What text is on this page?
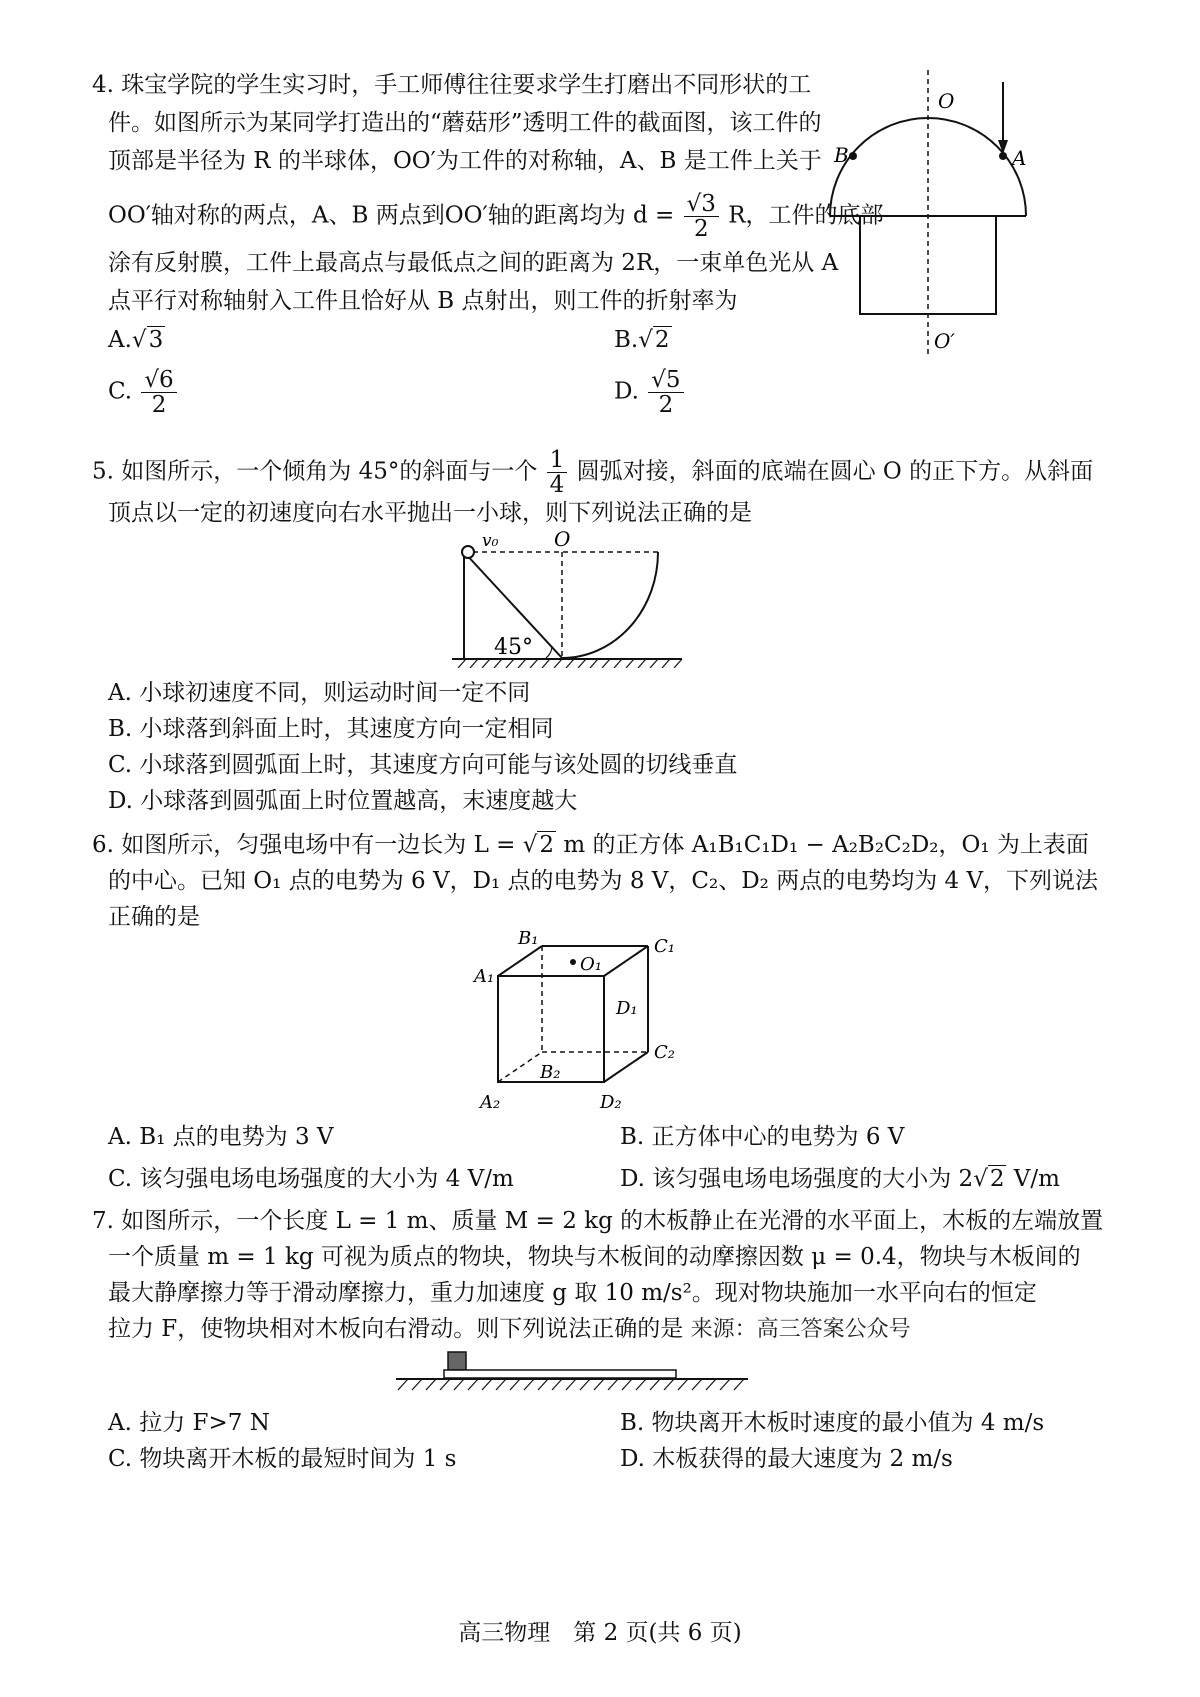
4. 珠宝学院的学生实习时，手工师傅往往要求学生打磨出不同形状的工
件。如图所示为某同学打造出的“蘑菇形”透明工件的截面图，该工件的
顶部是半径为 R 的半球体，OO′为工件的对称轴，A、B 是工件上关于
OO′轴对称的两点，A、B 两点到OO′轴的距离均为 $d = \frac{√3}{2}$ R，工件的底部
涂有反射膜，工件上最高点与最低点之间的距离为 2R，一束单色光从 A
点平行对称轴射入工件且恰好从 B 点射出，则工件的折射率为
A.√3	B.√2
C. $\frac{√6}{2}$	D. $\frac{√5}{2}$
O
A
B
O′
5. 如图所示，一个倾角为 45°的斜面与一个 $\frac{1}{4}$ 圆弧对接，斜面的底端在圆心 O 的正下方。从斜面
顶点以一定的初速度向右水平抛出一小球，则下列说法正确的是
45°
v₀	O
A. 小球初速度不同，则运动时间一定不同
B. 小球落到斜面上时，其速度方向一定相同
C. 小球落到圆弧面上时，其速度方向可能与该处圆的切线垂直
D. 小球落到圆弧面上时位置越高，末速度越大
6. 如图所示，匀强电场中有一边长为 L = √2 m 的正方体 A₁B₁C₁D₁ − A₂B₂C₂D₂，O₁ 为上表面
的中心。已知 O₁ 点的电势为 6 V，D₁ 点的电势为 8 V，C₂、D₂ 两点的电势均为 4 V，下列说法
正确的是
B₁	C₁
A₁
O₁
D₁
B₂
C₂
A₂	D₂
A. B₁ 点的电势为 3 V	B. 正方体中心的电势为 6 V
C. 该匀强电场电场强度的大小为 4 V/m	D. 该匀强电场电场强度的大小为 2√2 V/m
7. 如图所示，一个长度 L = 1 m、质量 M = 2 kg 的木板静止在光滑的水平面上，木板的左端放置
一个质量 m = 1 kg 可视为质点的物块，物块与木板间的动摩擦因数 μ = 0.4，物块与木板间的
最大静摩擦力等于滑动摩擦力，重力加速度 g 取 10 m/s²。现对物块施加一水平向右的恒定
拉力 F，使物块相对木板向右滑动。则下列说法正确的是 来源：高三答案公众号
A. 拉力 F>7 N	B. 物块离开木板时速度的最小值为 4 m/s
C. 物块离开木板的最短时间为 1 s	D. 木板获得的最大速度为 2 m/s
高三物理　第 2 页(共 6 页)
